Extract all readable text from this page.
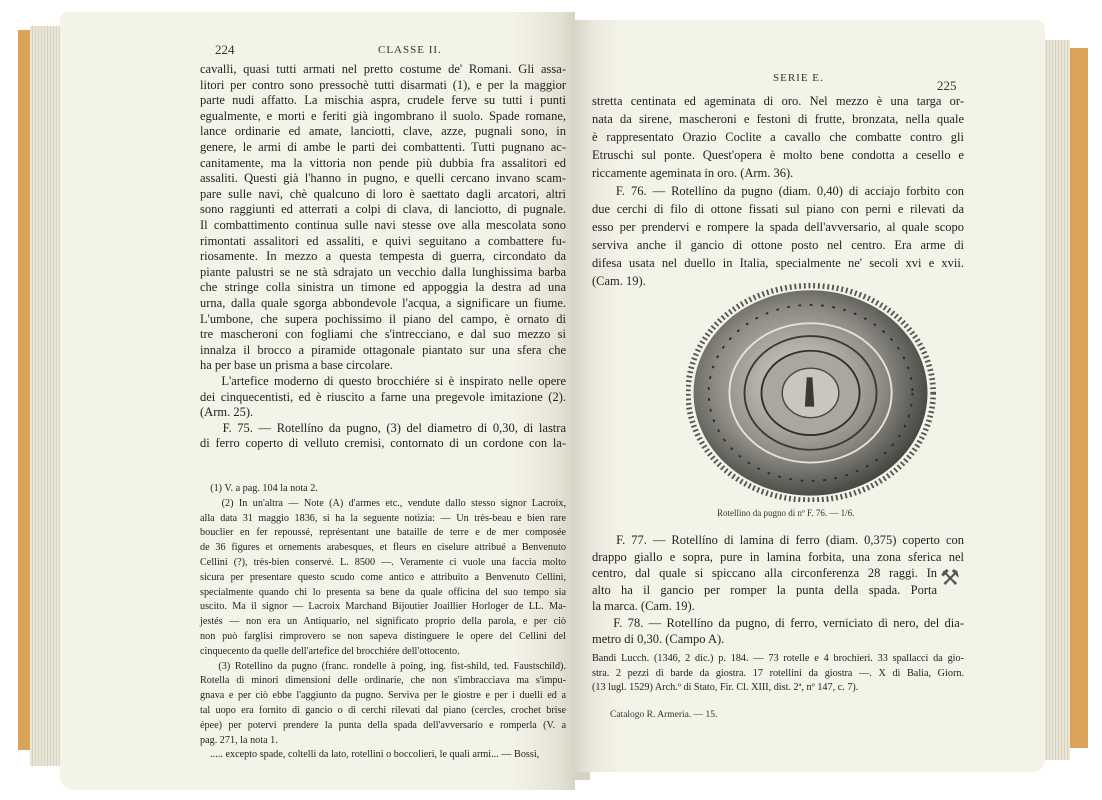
224	CLASSE II.
cavalli, quasi tutti armati nel pretto costume de' Romani. Gli assa-
litori per contro sono pressochè tutti disarmati (1), e per la maggior
parte nudi affatto. La mischia aspra, crudele ferve su tutti i punti
egualmente, e morti e feriti già ingombrano il suolo. Spade romane,
lance ordinarie ed amate, lanciotti, clave, azze, pugnali sono, in
genere, le armi di ambe le parti dei combattenti. Tutti pugnano ac-
canitamente, ma la vittoria non pende più dubbia fra assalitori ed
assaliti. Questi già l'hanno in pugno, e quelli cercano invano scam-
pare sulle navi, chè qualcuno di loro è saettato dagli arcatori, altri
sono raggiunti ed atterrati a colpi di clava, di lanciotto, di pugnale.
Il combattimento continua sulle navi stesse ove alla mescolata sono
rimontati assalitori ed assaliti, e quivi seguitano a combattere fu-
riosamente. In mezzo a questa tempesta di guerra, circondato da
piante palustri se ne stà sdrajato un vecchio dalla lunghissima barba
che stringe colla sinistra un timone ed appoggia la destra ad una
urna, dalla quale sgorga abbondevole l'acqua, a significare un fiume.
L'umbone, che supera pochissimo il piano del campo, è ornato di
tre mascheroni con fogliami che s'intrecciano, e dal suo mezzo si
innalza il brocco a piramide ottagonale piantato sur una sfera che
ha per base un prisma a base circolare.
L'artefice moderno di questo brocchiére si è inspirato nelle opere
dei cinquecentisti, ed è riuscito a farne una pregevole imitazione (2).
(Arm. 25).
F. 75. — Rotellíno da pugno, (3) del diametro di 0,30, di lastra
di ferro coperto di velluto cremisi, contornato di un cordone con la-
(1) V. a pag. 104 la nota 2.
(2) In un'altra — Note (A) d'armes etc., vendute dallo stesso signor Lacroix,
alla data 31 maggio 1836, si ha la seguente notizia: — Un très-beau e bien rare
bouclier en fer repoussé, représentant une bataille de terre e de mer composée
de 36 figures et ornements arabesques, et fleurs en ciselure attribué a Benvenuto
Cellini (?), très-bien conservé. L. 8500 —. Veramente ci vuole una faccia molto
sicura per presentare questo scudo come antico e attribuito a Benvenuto Cellini,
specialmente quando chi lo presenta sa bene da quale officina del suo tempo sia
uscito. Ma il signor — Lacroix Marchand Bijoutier Joaillier Horloger de LL. Ma-
jestés — non era un Antiquario, nel significato proprio della parola, e per ciò
non può farglisi rimprovero se non sapeva distinguere le opere del Cellini del
cinquecento da quelle dell'artefice del brocchiére dell'ottocento.
(3) Rotellino da pugno (franc. rondelle à poing, ing. fist-shild, ted. Faustschild).
Rotella di minori dimensioni delle ordinarie, che non s'imbracciava ma s'impu-
gnava e per ciò ebbe l'aggiunto da pugno. Serviva per le giostre e per i duelli ed a
tal uopo era fornito di gancio o di cerchi rilevati dal piano (cercles, crochet brise
épee) per potervi prendere la punta della spada dell'avversario e romperla (V. a
pag. 271, la nota 1.
..... excepto spade, coltelli da lato, rotellini o boccolieri, le quali armi... — Bossi,
SERIE E.	225
stretta centinata ed ageminata di oro. Nel mezzo è una targa or-
nata da sirene, mascheroni e festoni di frutte, bronzata, nella quale
è rappresentato Orazio Coclite a cavallo che combatte contro gli
Etruschi sul ponte. Quest'opera è molto bene condotta a cesello e
riccamente ageminata in oro. (Arm. 36).
F. 76. — Rotellíno da pugno (diam. 0,40) di acciajo forbito con
due cerchi di filo di ottone fissati sul piano con perni e rilevati da
esso per prendervi e rompere la spada dell'avversario, al quale scopo
serviva anche il gancio di ottone posto nel centro. Era arme di
difesa usata nel duello in Italia, specialmente ne' secoli xvi e xvii.
(Cam. 19).
F. 77. — Rotellíno di lamina di ferro (diam. 0,375) coperto con
drappo giallo e sopra, pure in lamina forbita, una zona sferica nel
centro, dal quale si spiccano alla circonferenza 28 raggi. In
alto ha il gancio per romper la punta della spada. Porta
la marca. (Cam. 19).
F. 78. — Rotellíno da pugno, di ferro, verniciato di nero, del dia-
metro di 0,30. (Campo A).
Bandi Lucch. (1346, 2 dic.) p. 184. — 73 rotelle e 4 brochieri. 33 spallacci da gio-
stra. 2 pezzi di barde da giostra. 17 rotellini da giostra —. X di Balia, Giorn.
(13 lugl. 1529) Arch.º di Stato, Fir. Cl. XIII, dist. 2ª, nº 147, c. 7).
Rotellino da pugno di nº F. 76. — 1/6.
Catalogo R. Armeria. — 15.
⚒
